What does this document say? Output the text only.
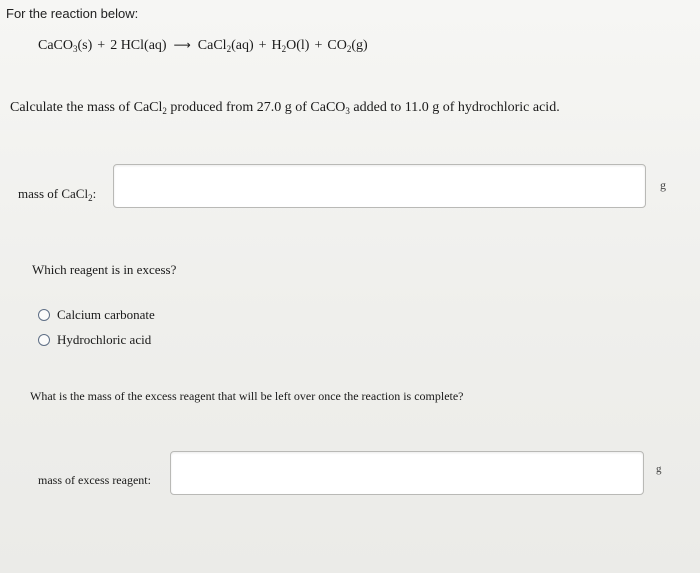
For the reaction below:
CaCO$_3$(s) + 2 HCl(aq) ⟶ CaCl$_2$(aq) + $H_2O(l) + CO_2(g)$
Calculate the mass of CaCl$_2$ produced from 27.0 g of CaCO$_3$ added to 11.0 g of hydrochloric acid.
mass of CaCl$_2$:
g
Which reagent is in excess?
Calcium carbonate
Hydrochloric acid
What is the mass of the excess reagent that will be left over once the reaction is complete?
mass of excess reagent:
g
